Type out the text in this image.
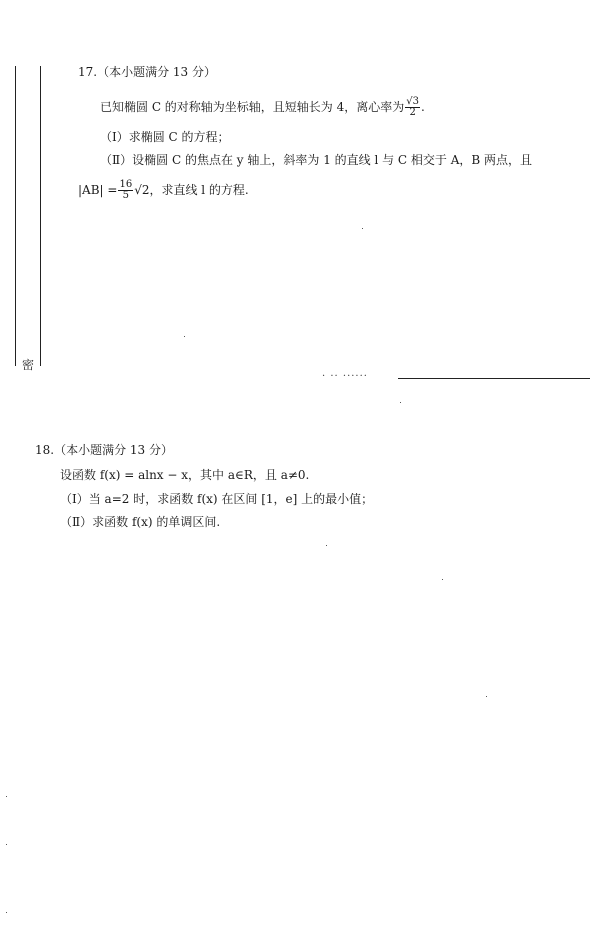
密
17.（本小题满分 13 分）
已知椭圆 C 的对称轴为坐标轴，且短轴长为 4，离心率为 $\frac{√3}{2}$ .
（Ⅰ）求椭圆 C 的方程；
（Ⅱ）设椭圆 C 的焦点在 y 轴上，斜率为 1 的直线 l 与 C 相交于 A，B 两点，且
$|AB| = \frac{16}{5} √2$，求直线 l 的方程.
· ·· ······
18.（本小题满分 13 分）
设函数 f(x) = alnx − x，其中 a∈R，且 a≠0.
（Ⅰ）当 a=2 时，求函数 f(x) 在区间 [1，e] 上的最小值；
（Ⅱ）求函数 f(x) 的单调区间.
